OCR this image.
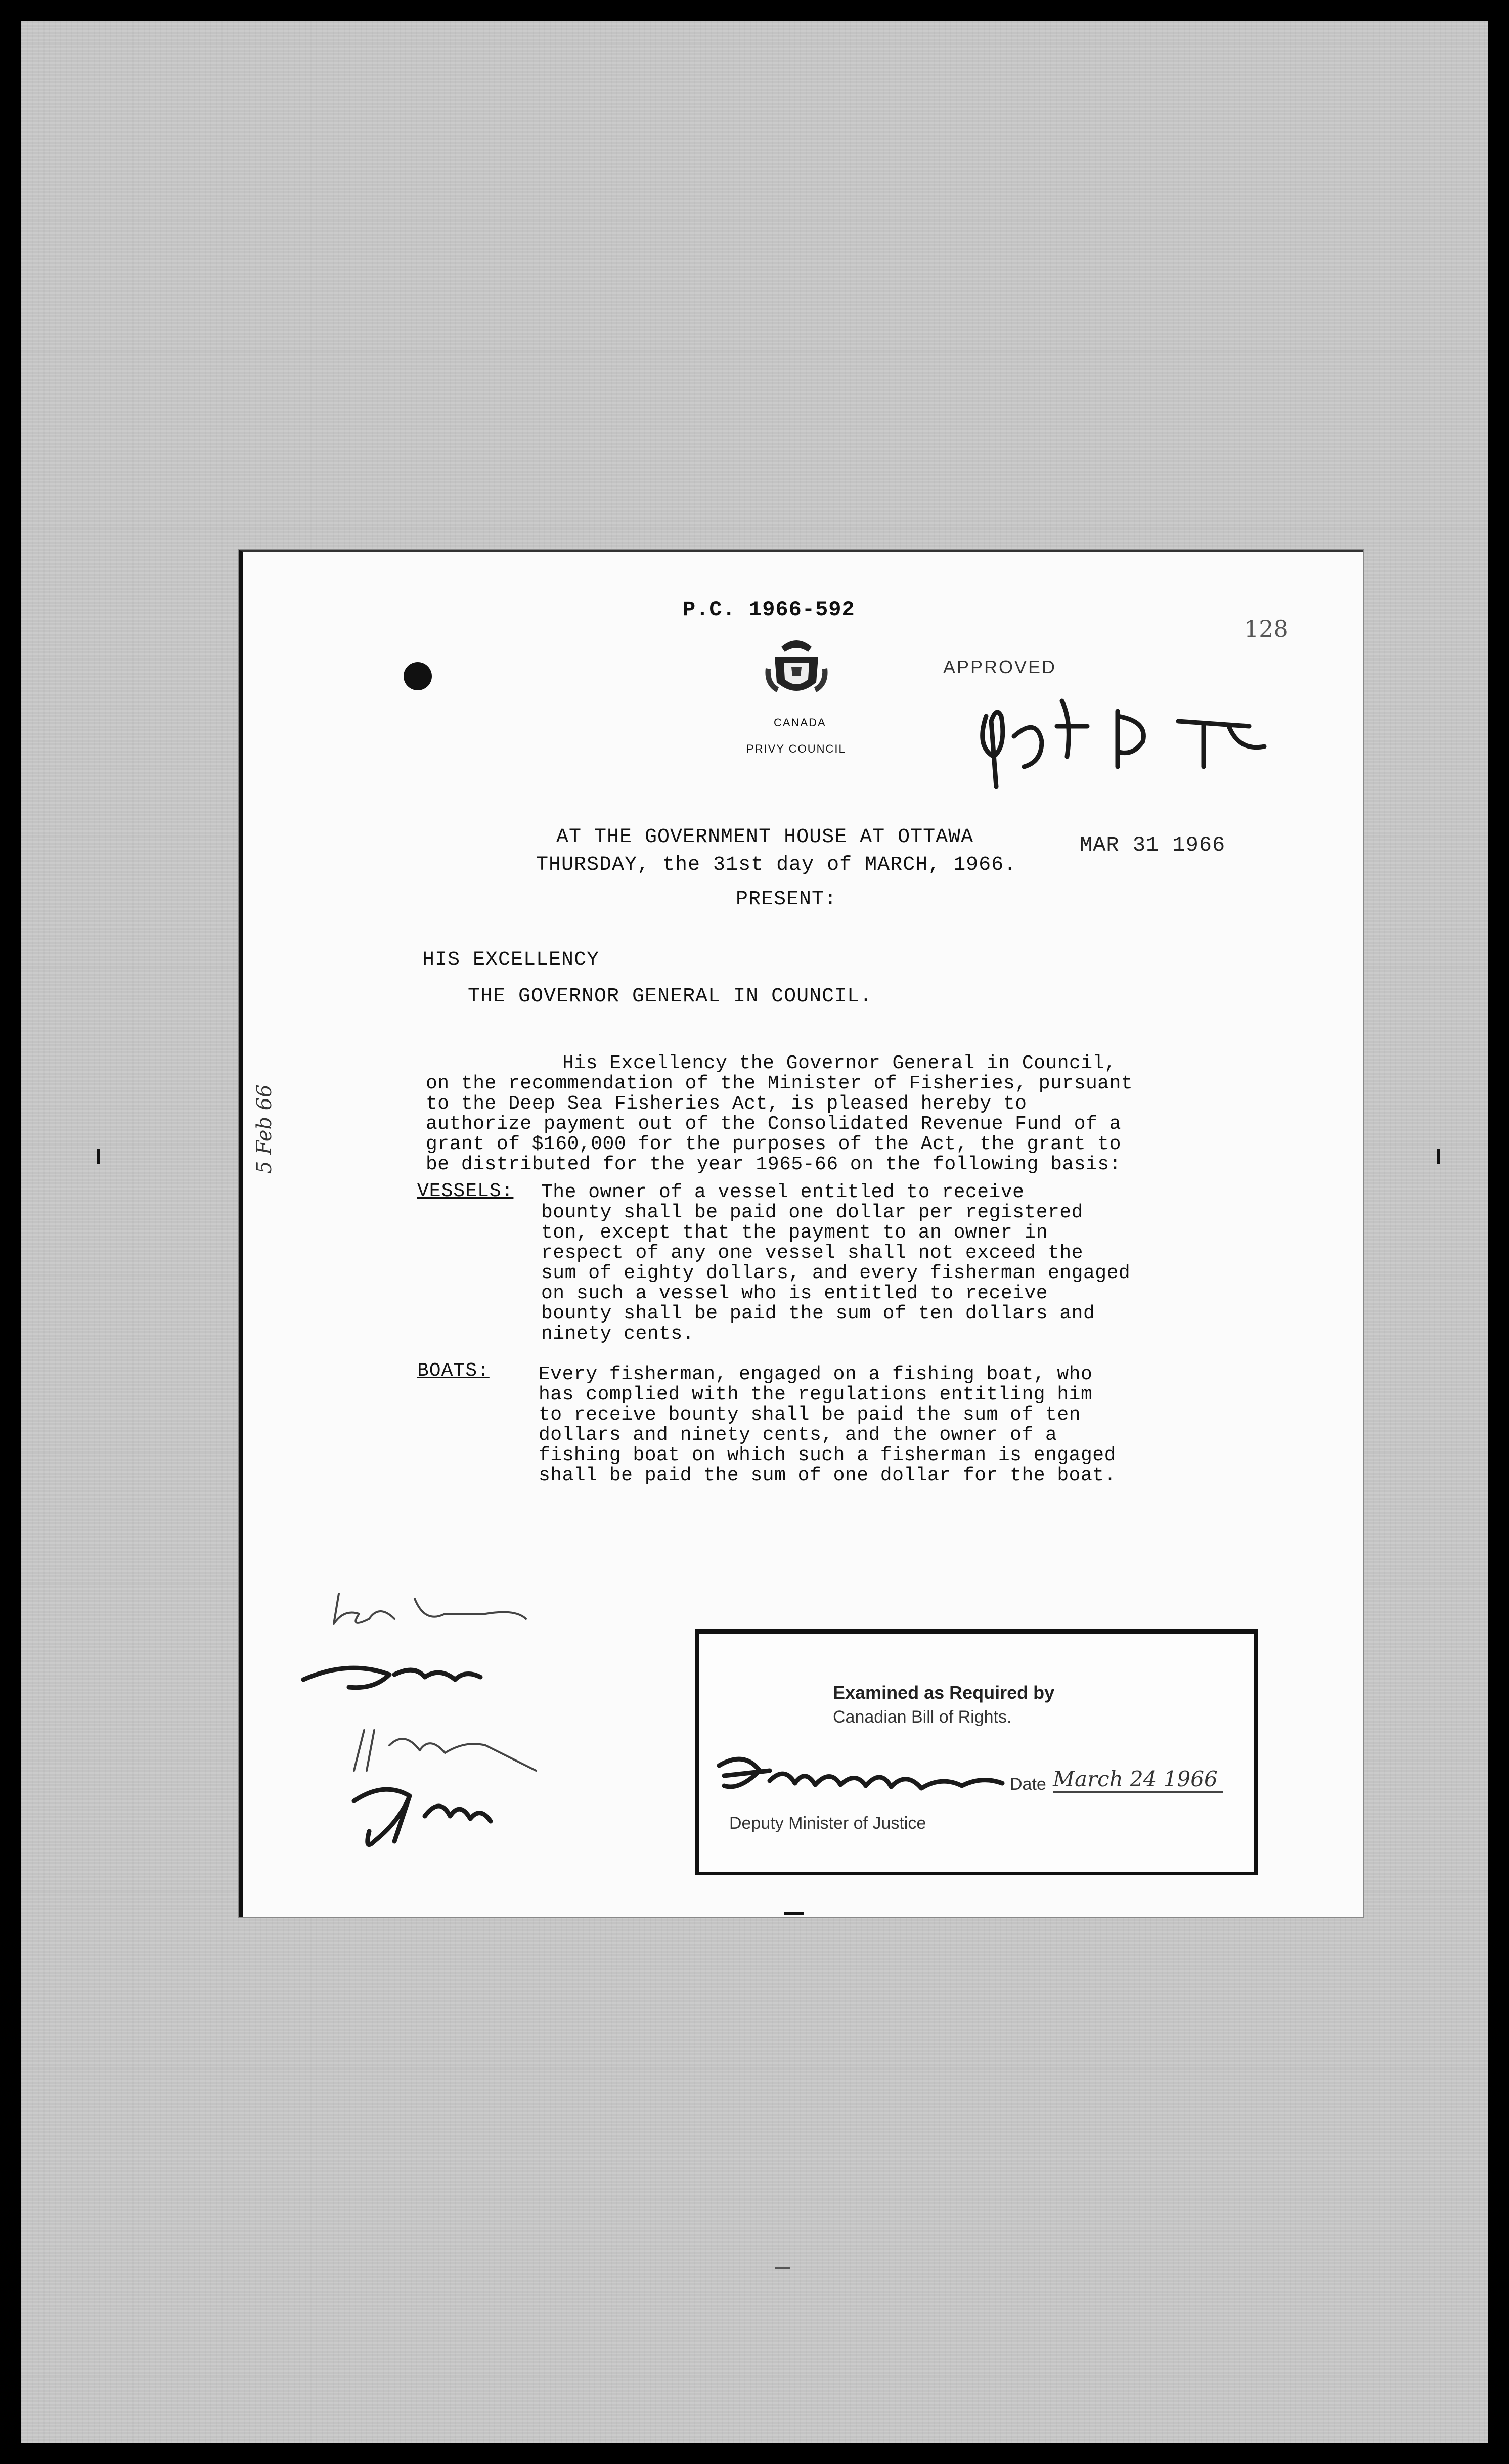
P.C. 1966-592
128
CANADA
PRIVY COUNCIL
APPROVED
MAR 31 1966
AT THE GOVERNMENT HOUSE AT OTTAWA
THURSDAY, the 31st day of MARCH, 1966.
PRESENT:
HIS EXCELLENCY
THE GOVERNOR GENERAL IN COUNCIL.
5 Feb 66
His Excellency the Governor General in Council,
on the recommendation of the Minister of Fisheries, pursuant
to the Deep Sea Fisheries Act, is pleased hereby to
authorize payment out of the Consolidated Revenue Fund of a
grant of $160,000 for the purposes of the Act, the grant to
be distributed for the year 1965-66 on the following basis:
VESSELS: The owner of a vessel entitled to receive
bounty shall be paid one dollar per registered
ton, except that the payment to an owner in
respect of any one vessel shall not exceed the
sum of eighty dollars, and every fisherman engaged
on such a vessel who is entitled to receive
bounty shall be paid the sum of ten dollars and
ninety cents.
BOATS:	Every fisherman, engaged on a fishing boat, who
has complied with the regulations entitling him
to receive bounty shall be paid the sum of ten
dollars and ninety cents, and the owner of a
fishing boat on which such a fisherman is engaged
shall be paid the sum of one dollar for the boat.
Examined as Required by
Canadian Bill of Rights.
Date March 24 1966
Deputy Minister of Justice
